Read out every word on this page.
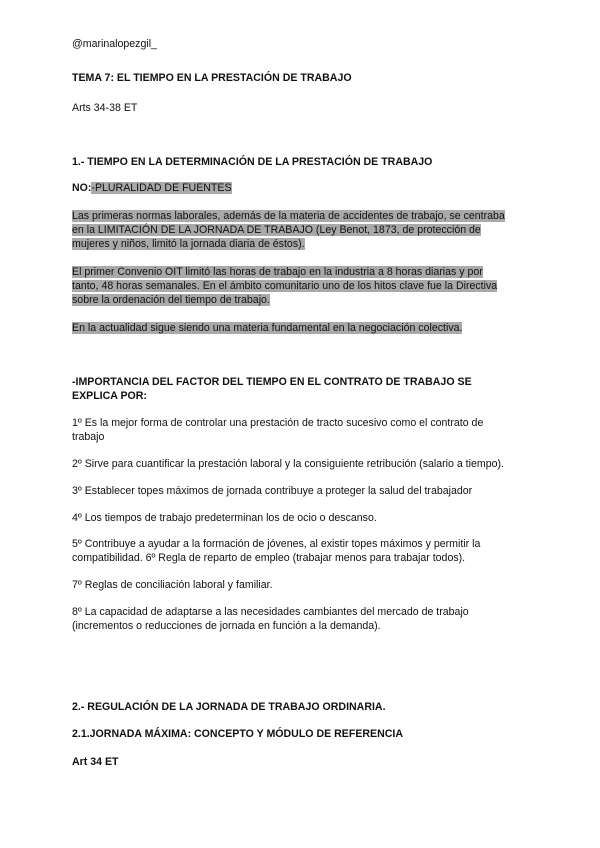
@marinalopezgil_
TEMA 7: EL TIEMPO EN LA PRESTACIÓN DE TRABAJO
Arts 34-38 ET
1.- TIEMPO EN LA DETERMINACIÓN DE LA PRESTACIÓN DE TRABAJO
NO:-PLURALIDAD DE FUENTES
Las primeras normas laborales, además de la materia de accidentes de trabajo, se centraba
en la LIMITACIÓN DE LA JORNADA DE TRABAJO (Ley Benot, 1873, de protección de
mujeres y niños, limitó la jornada diaria de éstos).
El primer Convenio OIT limitó las horas de trabajo en la industria a 8 horas diarias y por
tanto, 48 horas semanales. En el ámbito comunitario uno de los hitos clave fue la Directiva
sobre la ordenación del tiempo de trabajo.
En la actualidad sigue siendo una materia fundamental en la negociación colectiva.
-IMPORTANCIA DEL FACTOR DEL TIEMPO EN EL CONTRATO DE TRABAJO SE
EXPLICA POR:
1º Es la mejor forma de controlar una prestación de tracto sucesivo como el contrato de
trabajo
2º Sirve para cuantificar la prestación laboral y la consiguiente retribución (salario a tiempo).
3º Establecer topes máximos de jornada contribuye a proteger la salud del trabajador
4º Los tiempos de trabajo predeterminan los de ocio o descanso.
5º Contribuye a ayudar a la formación de jóvenes, al existir topes máximos y permitir la
compatibilidad. 6º Regla de reparto de empleo (trabajar menos para trabajar todos).
7º Reglas de conciliación laboral y familiar.
8º La capacidad de adaptarse a las necesidades cambiantes del mercado de trabajo
(incrementos o reducciones de jornada en función a la demanda).
2.- REGULACIÓN DE LA JORNADA DE TRABAJO ORDINARIA.
2.1.JORNADA MÁXIMA: CONCEPTO Y MÓDULO DE REFERENCIA
Art 34 ET
